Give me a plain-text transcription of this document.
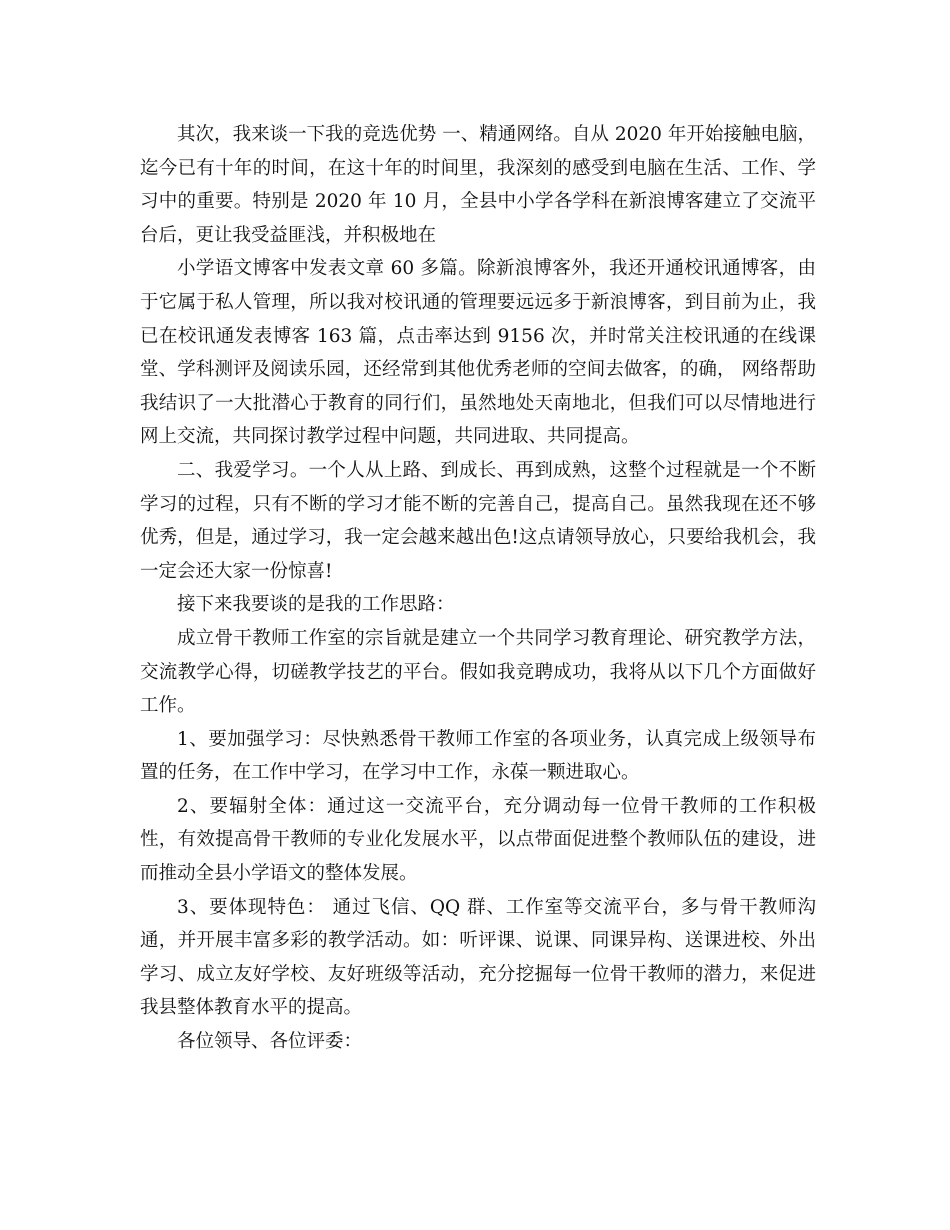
其次，我来谈一下我的竞选优势 一、精通网络。自从 2020 年开始接触电脑，迄今已有十年的时间，在这十年的时间里，我深刻的感受到电脑在生活、工作、学习中的重要。特别是 2020 年 10 月，全县中小学各学科在新浪博客建立了交流平台后，更让我受益匪浅，并积极地在

小学语文博客中发表文章 60 多篇。除新浪博客外，我还开通校讯通博客，由于它属于私人管理，所以我对校讯通的管理要远远多于新浪博客，到目前为止，我已在校讯通发表博客 163 篇，点击率达到 9156 次，并时常关注校讯通的在线课堂、学科测评及阅读乐园，还经常到其他优秀老师的空间去做客，的确， 网络帮助我结识了一大批潜心于教育的同行们，虽然地处天南地北，但我们可以尽情地进行网上交流，共同探讨教学过程中问题，共同进取、共同提高。

二、我爱学习。一个人从上路、到成长、再到成熟，这整个过程就是一个不断学习的过程，只有不断的学习才能不断的完善自己，提高自己。虽然我现在还不够优秀，但是，通过学习，我一定会越来越出色!这点请领导放心，只要给我机会，我一定会还大家一份惊喜!

接下来我要谈的是我的工作思路：

成立骨干教师工作室的宗旨就是建立一个共同学习教育理论、研究教学方法，交流教学心得，切磋教学技艺的平台。假如我竞聘成功，我将从以下几个方面做好工作。

1、要加强学习：尽快熟悉骨干教师工作室的各项业务，认真完成上级领导布置的任务，在工作中学习，在学习中工作，永葆一颗进取心。

2、要辐射全体：通过这一交流平台，充分调动每一位骨干教师的工作积极性，有效提高骨干教师的专业化发展水平，以点带面促进整个教师队伍的建设，进而推动全县小学语文的整体发展。

3、要体现特色： 通过飞信、QQ 群、工作室等交流平台，多与骨干教师沟通，并开展丰富多彩的教学活动。如：听评课、说课、同课异构、送课进校、外出学习、成立友好学校、友好班级等活动，充分挖掘每一位骨干教师的潜力，来促进我县整体教育水平的提高。

各位领导、各位评委：
